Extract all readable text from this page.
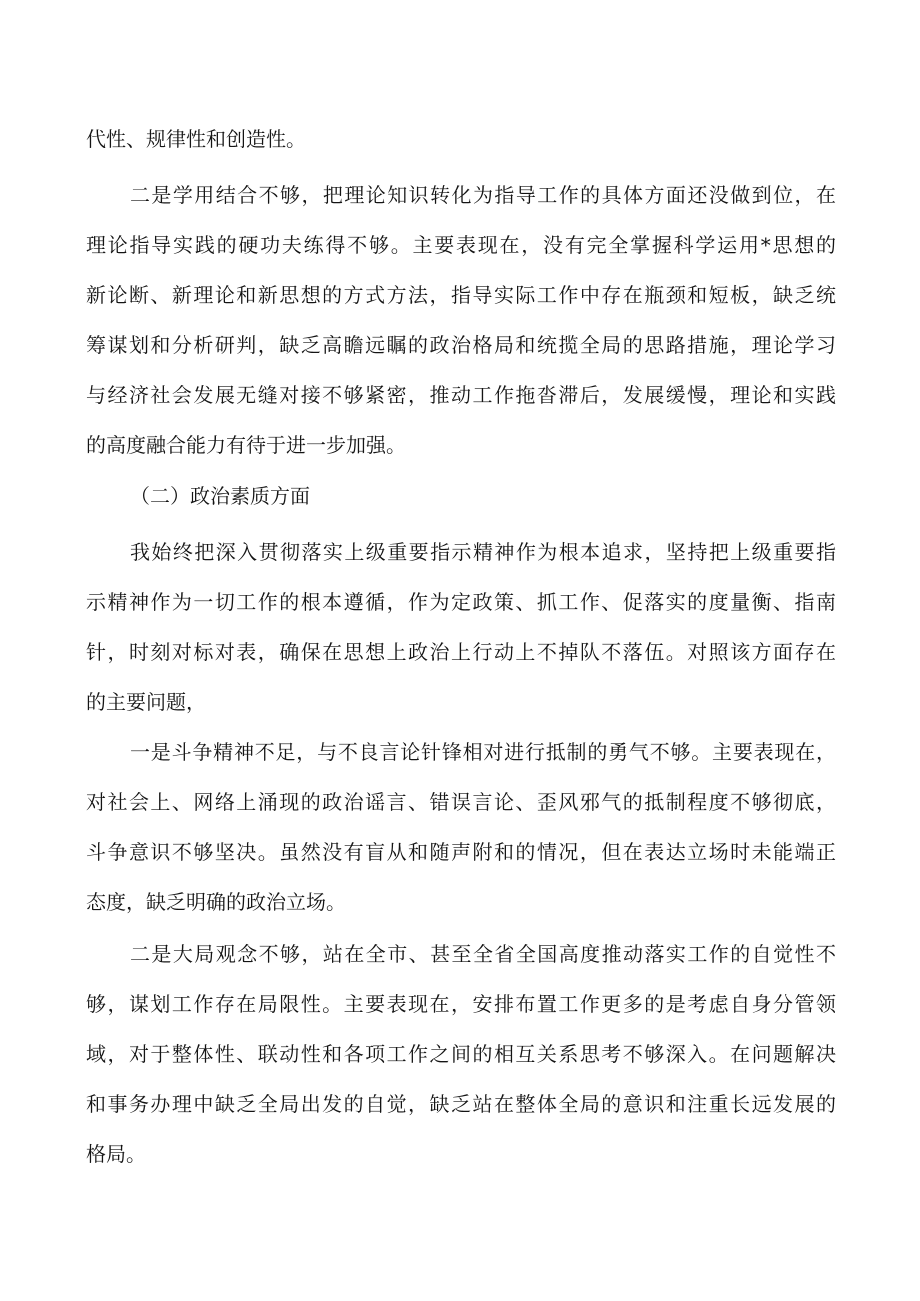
代性、规律性和创造性。
二是学用结合不够，把理论知识转化为指导工作的具体方面还没做到位，在
理论指导实践的硬功夫练得不够。主要表现在，没有完全掌握科学运用*思想的
新论断、新理论和新思想的方式方法，指导实际工作中存在瓶颈和短板，缺乏统
筹谋划和分析研判，缺乏高瞻远瞩的政治格局和统揽全局的思路措施，理论学习
与经济社会发展无缝对接不够紧密，推动工作拖沓滞后，发展缓慢，理论和实践
的高度融合能力有待于进一步加强。
（二）政治素质方面
我始终把深入贯彻落实上级重要指示精神作为根本追求，坚持把上级重要指
示精神作为一切工作的根本遵循，作为定政策、抓工作、促落实的度量衡、指南
针，时刻对标对表，确保在思想上政治上行动上不掉队不落伍。对照该方面存在
的主要问题，
一是斗争精神不足，与不良言论针锋相对进行抵制的勇气不够。主要表现在，
对社会上、网络上涌现的政治谣言、错误言论、歪风邪气的抵制程度不够彻底，
斗争意识不够坚决。虽然没有盲从和随声附和的情况，但在表达立场时未能端正
态度，缺乏明确的政治立场。
二是大局观念不够，站在全市、甚至全省全国高度推动落实工作的自觉性不
够，谋划工作存在局限性。主要表现在，安排布置工作更多的是考虑自身分管领
域，对于整体性、联动性和各项工作之间的相互关系思考不够深入。在问题解决
和事务办理中缺乏全局出发的自觉，缺乏站在整体全局的意识和注重长远发展的
格局。
